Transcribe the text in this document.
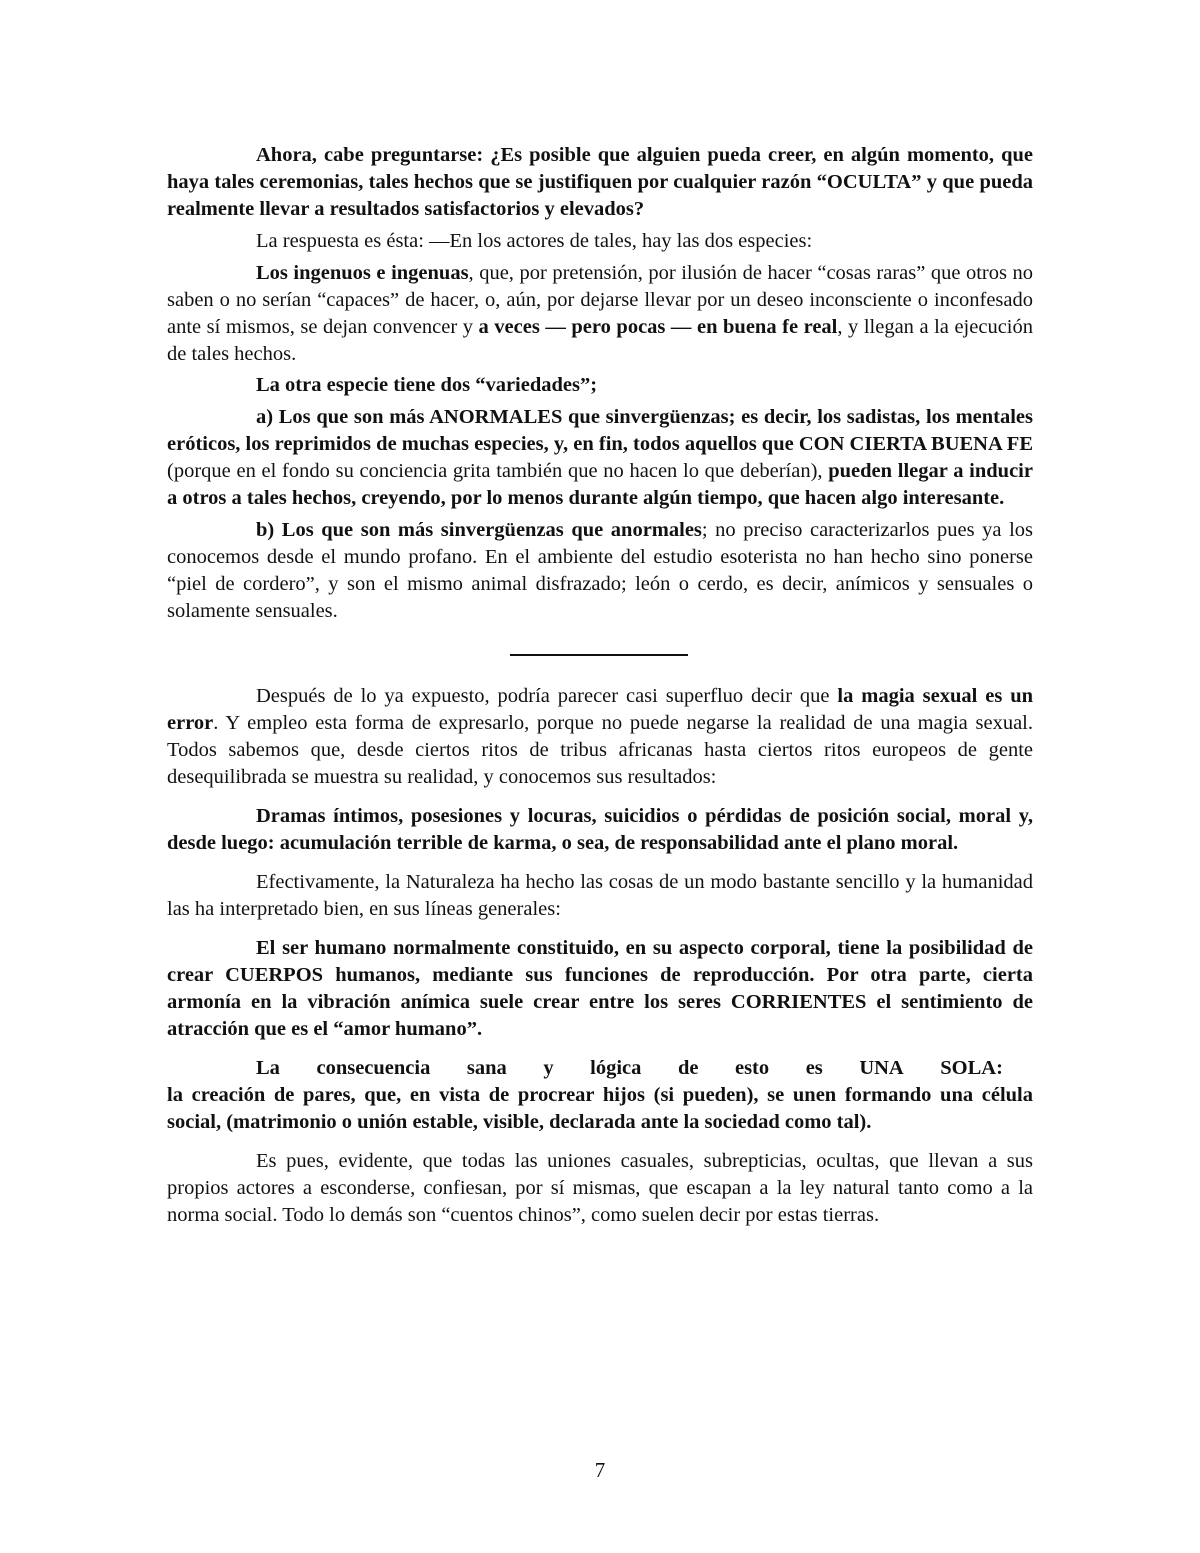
Ahora, cabe preguntarse: ¿Es posible que alguien pueda creer, en algún momento, que haya tales ceremonias, tales hechos que se justifiquen por cualquier razón “OCULTA” y que pueda realmente llevar a resultados satisfactorios y elevados?

La respuesta es ésta: —En los actores de tales, hay las dos especies:

Los ingenuos e ingenuas, que, por pretensión, por ilusión de hacer “cosas raras” que otros no saben o no serían “capaces” de hacer, o, aún, por dejarse llevar por un deseo inconsciente o inconfesado ante sí mismos, se dejan convencer y a veces — pero pocas — en buena fe real, y llegan a la ejecución de tales hechos.

La otra especie tiene dos “variedades”;

a) Los que son más ANORMALES que sinvergüenzas; es decir, los sadistas, los mentales eróticos, los reprimidos de muchas especies, y, en fin, todos aquellos que CON CIERTA BUENA FE (porque en el fondo su conciencia grita también que no hacen lo que deberían), pueden llegar a inducir a otros a tales hechos, creyendo, por lo menos durante algún tiempo, que hacen algo interesante.

b) Los que son más sinvergüenzas que anormales; no preciso caracterizarlos pues ya los conocemos desde el mundo profano. En el ambiente del estudio esoterista no han hecho sino ponerse “piel de cordero”, y son el mismo animal disfrazado; león o cerdo, es decir, anímicos y sensuales o solamente sensuales.

Después de lo ya expuesto, podría parecer casi superfluo decir que la magia sexual es un error. Y empleo esta forma de expresarlo, porque no puede negarse la realidad de una magia sexual. Todos sabemos que, desde ciertos ritos de tribus africanas hasta ciertos ritos europeos de gente desequilibrada se muestra su realidad, y conocemos sus resultados:

Dramas íntimos, posesiones y locuras, suicidios o pérdidas de posición social, moral y, desde luego: acumulación terrible de karma, o sea, de responsabilidad ante el plano moral.

Efectivamente, la Naturaleza ha hecho las cosas de un modo bastante sencillo y la humanidad las ha interpretado bien, en sus líneas generales:

El ser humano normalmente constituido, en su aspecto corporal, tiene la posibilidad de crear CUERPOS humanos, mediante sus funciones de reproducción. Por otra parte, cierta armonía en la vibración anímica suele crear entre los seres CORRIENTES el sentimiento de atracción que es el “amor humano”.

La consecuencia sana y lógica de esto es UNA SOLA:

la creación de pares, que, en vista de procrear hijos (si pueden), se unen formando una célula social, (matrimonio o unión estable, visible, declarada ante la sociedad como tal).

Es pues, evidente, que todas las uniones casuales, subrepticias, ocultas, que llevan a sus propios actores a esconderse, confiesan, por sí mismas, que escapan a la ley natural tanto como a la norma social. Todo lo demás son “cuentos chinos”, como suelen decir por estas tierras.

7
